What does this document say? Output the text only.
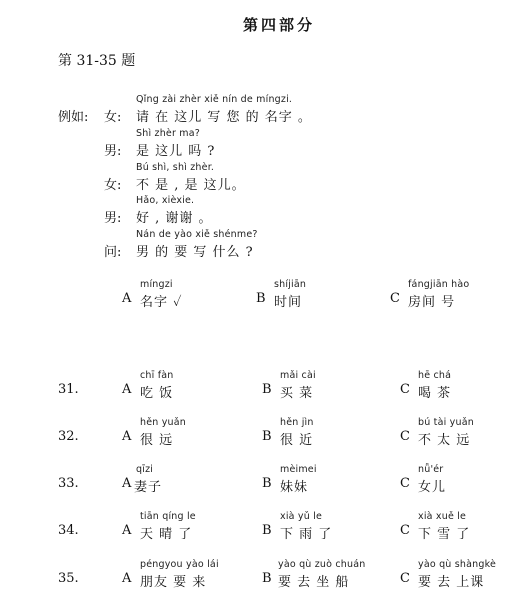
第四部分
第 31-35 题
例如: 女:
Qǐng zài zhèr xiě nín de míngzi.
请 在 这儿 写 您 的 名字 。
男:
Shì zhèr ma?
是 这儿 吗 ?
女:
Bú shì, shì zhèr.
不 是 , 是 这儿。
男:
Hǎo, xièxie.
好 , 谢谢 。
问:
Nán de yào xiě shénme?
男 的 要 写 什么 ?
A
míngzi
名字 ✓	B
shíjiān
时间	C
fángjiān hào
房间 号
31.	A
chī fàn
吃 饭	B
mǎi cài
买 菜	C
hē chá
喝 茶
32.	A
hěn yuǎn
很 远	B
hěn jìn
很 近	C
bú tài yuǎn
不 太 远
33.	A
qīzi
妻子	B
mèimei
妹妹	C
nǚ'ér
女儿
34.	A
tiān qíng le
天 晴 了	B
xià yǔ le
下 雨 了	C
xià xuě le
下 雪 了
35.	A
péngyou yào lái
朋友 要 来	B
yào qù zuò chuán
要 去 坐 船	C
yào qù shàngkè
要 去 上课
